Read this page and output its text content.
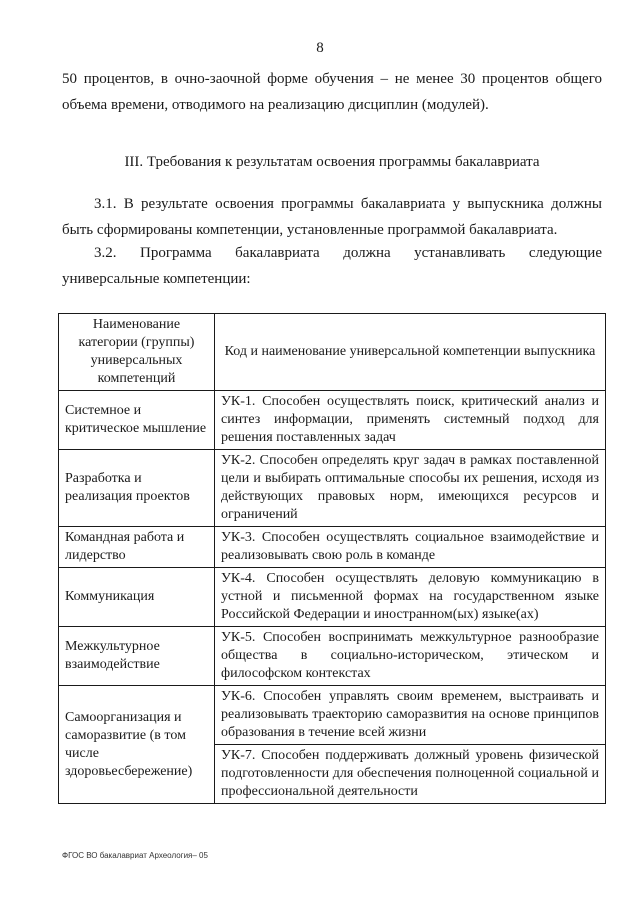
8
50 процентов, в очно-заочной форме обучения – не менее 30 процентов общего объема времени, отводимого на реализацию дисциплин (модулей).
III. Требования к результатам освоения программы бакалавриата
3.1. В результате освоения программы бакалавриата у выпускника должны быть сформированы компетенции, установленные программой бакалавриата.
3.2. Программа бакалавриата должна устанавливать следующие
универсальные компетенции:
Наименование категории (группы) универсальных компетенций	Код и наименование универсальной компетенции выпускника
Системное и критическое мышление	УК-1. Способен осуществлять поиск, критический анализ и синтез информации, применять системный подход для решения поставленных задач
Разработка и реализация проектов	УК-2. Способен определять круг задач в рамках поставленной цели и выбирать оптимальные способы их решения, исходя из действующих правовых норм, имеющихся ресурсов и ограничений
Командная работа и лидерство	УК-3. Способен осуществлять социальное взаимодействие и реализовывать свою роль в команде
Коммуникация	УК-4. Способен осуществлять деловую коммуникацию в устной и письменной формах на государственном языке Российской Федерации и иностранном(ых) языке(ах)
Межкультурное взаимодействие	УК-5. Способен воспринимать межкультурное разнообразие общества в социально-историческом, этическом и философском контекстах
Самоорганизация и саморазвитие (в том числе здоровьесбережение)	УК-6. Способен управлять своим временем, выстраивать и реализовывать траекторию саморазвития на основе принципов образования в течение всей жизни
	УК-7. Способен поддерживать должный уровень физической подготовленности для обеспечения полноценной социальной и профессиональной деятельности
ФГОС ВО бакалавриат Археология– 05
